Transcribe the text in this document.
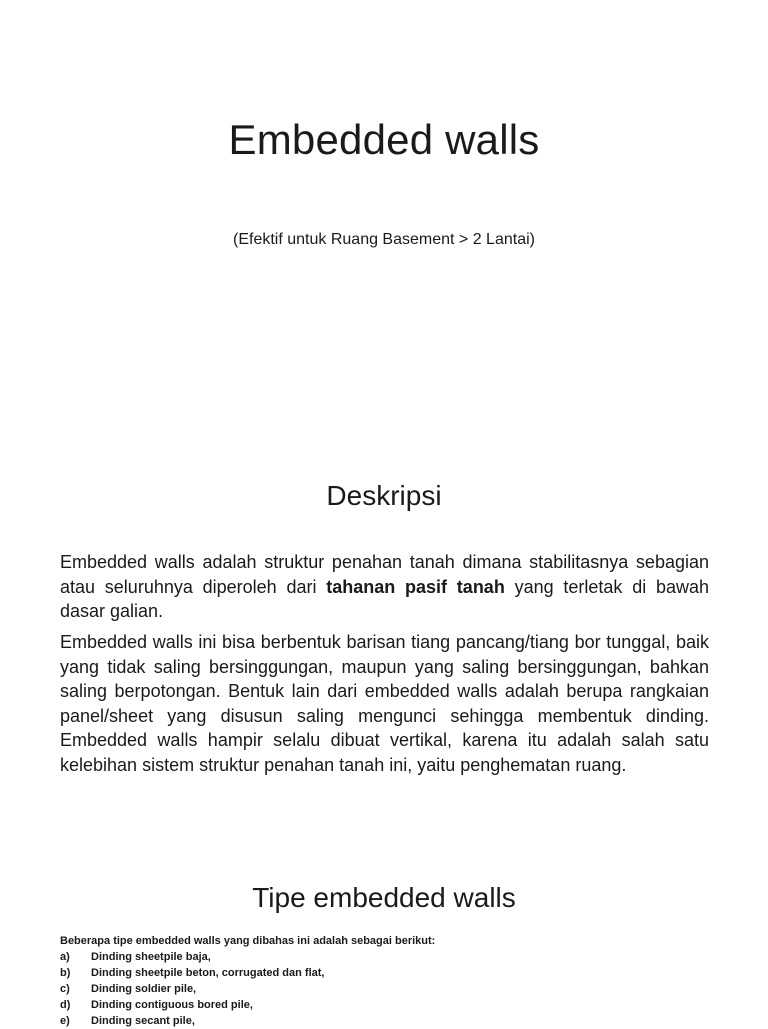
Embedded walls
(Efektif untuk Ruang Basement > 2 Lantai)
Deskripsi

Embedded walls adalah struktur penahan tanah dimana stabilitasnya sebagian atau seluruhnya diperoleh dari tahanan pasif tanah yang terletak di bawah dasar galian.

Embedded walls ini bisa berbentuk barisan tiang pancang/tiang bor tunggal, baik yang tidak saling bersinggungan, maupun yang saling bersinggungan, bahkan saling berpotongan. Bentuk lain dari embedded walls adalah berupa rangkaian panel/sheet yang disusun saling mengunci sehingga membentuk dinding. Embedded walls hampir selalu dibuat vertikal, karena itu adalah salah satu kelebihan sistem struktur penahan tanah ini, yaitu penghematan ruang.

Tipe embedded walls

Beberapa tipe embedded walls yang dibahas ini adalah sebagai berikut:

a)	Dinding sheetpile baja,
b)	Dinding sheetpile beton, corrugated dan flat,
c)	Dinding soldier pile,
d)	Dinding contiguous bored pile,
e)	Dinding secant pile,
